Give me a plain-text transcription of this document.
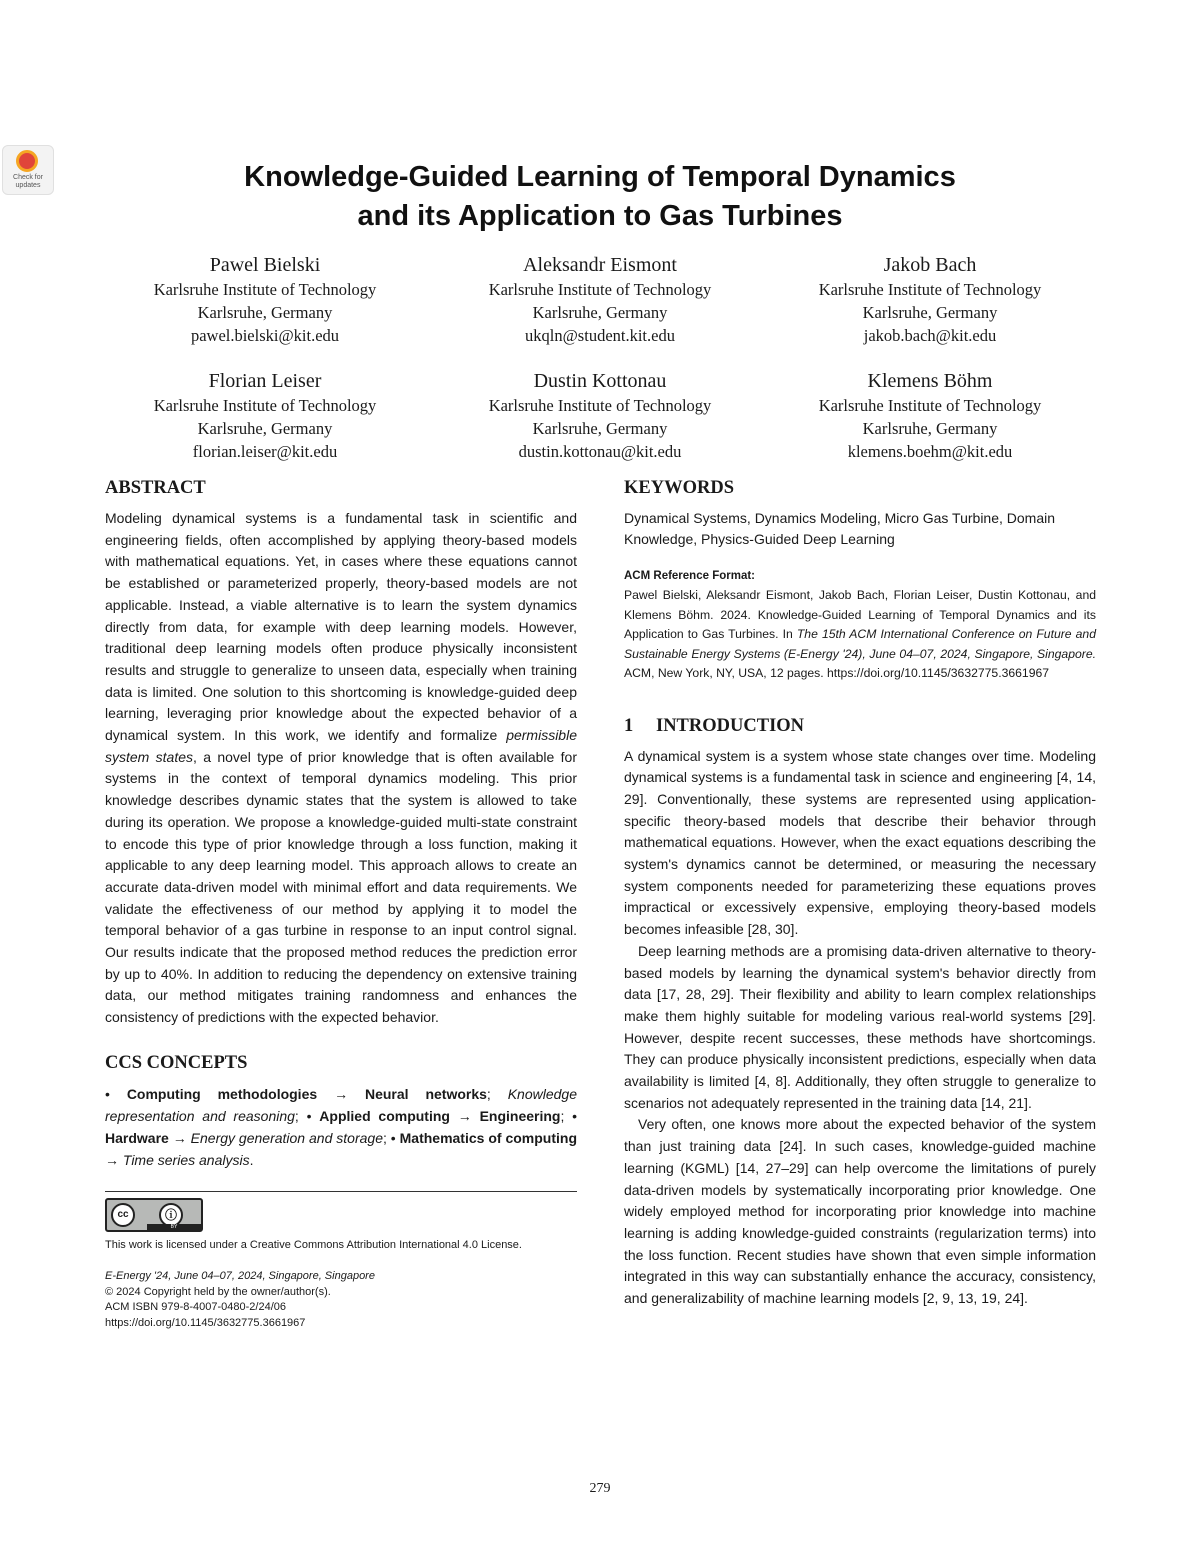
Check for updates	Knowledge-Guided Learning of Temporal Dynamics
and its Application to Gas Turbines
Pawel Bielski
Karlsruhe Institute of Technology
Karlsruhe, Germany
pawel.bielski@kit.edu
Aleksandr Eismont
Karlsruhe Institute of Technology
Karlsruhe, Germany
ukqln@student.kit.edu
Jakob Bach
Karlsruhe Institute of Technology
Karlsruhe, Germany
jakob.bach@kit.edu
Florian Leiser
Karlsruhe Institute of Technology
Karlsruhe, Germany
florian.leiser@kit.edu
Dustin Kottonau
Karlsruhe Institute of Technology
Karlsruhe, Germany
dustin.kottonau@kit.edu
Klemens Böhm
Karlsruhe Institute of Technology
Karlsruhe, Germany
klemens.boehm@kit.edu
ABSTRACT

Modeling dynamical systems is a fundamental task in scientific and engineering fields, often accomplished by applying theory-based models with mathematical equations. Yet, in cases where these equations cannot be established or parameterized properly, theory-based models are not applicable. Instead, a viable alternative is to learn the system dynamics directly from data, for example with deep learning models. However, traditional deep learning models often produce physically inconsistent results and struggle to generalize to unseen data, especially when training data is limited. One solution to this shortcoming is knowledge-guided deep learning, leveraging prior knowledge about the expected behavior of a dynamical system. In this work, we identify and formalize permissible system states, a novel type of prior knowledge that is often available for systems in the context of temporal dynamics modeling. This prior knowledge describes dynamic states that the system is allowed to take during its operation. We propose a knowledge-guided multi-state constraint to encode this type of prior knowledge through a loss function, making it applicable to any deep learning model. This approach allows to create an accurate data-driven model with minimal effort and data requirements. We validate the effectiveness of our method by applying it to model the temporal behavior of a gas turbine in response to an input control signal. Our results indicate that the proposed method reduces the prediction error by up to 40%. In addition to reducing the dependency on extensive training data, our method mitigates training randomness and enhances the consistency of predictions with the expected behavior.

CCS CONCEPTS
• Computing methodologies → Neural networks; Knowledge representation and reasoning; • Applied computing → Engineering; • Hardware → Energy generation and storage; • Mathematics of computing → Time series analysis.
cc	ⓘ
BY
This work is licensed under a Creative Commons Attribution International 4.0 License.
E-Energy '24, June 04–07, 2024, Singapore, Singapore
© 2024 Copyright held by the owner/author(s).
ACM ISBN 979-8-4007-0480-2/24/06
https://doi.org/10.1145/3632775.3661967
KEYWORDS

Dynamical Systems, Dynamics Modeling, Micro Gas Turbine, Domain Knowledge, Physics-Guided Deep Learning

ACM Reference Format:
Pawel Bielski, Aleksandr Eismont, Jakob Bach, Florian Leiser, Dustin Kottonau, and Klemens Böhm. 2024. Knowledge-Guided Learning of Temporal Dynamics and its Application to Gas Turbines. In The 15th ACM International Conference on Future and Sustainable Energy Systems (E-Energy '24), June 04–07, 2024, Singapore, Singapore. ACM, New York, NY, USA, 12 pages. https://doi.org/10.1145/3632775.3661967
1 INTRODUCTION

A dynamical system is a system whose state changes over time. Modeling dynamical systems is a fundamental task in science and engineering [4, 14, 29]. Conventionally, these systems are represented using application-specific theory-based models that describe their behavior through mathematical equations. However, when the exact equations describing the system's dynamics cannot be determined, or measuring the necessary system components needed for parameterizing these equations proves impractical or excessively expensive, employing theory-based models becomes infeasible [28, 30].

Deep learning methods are a promising data-driven alternative to theory-based models by learning the dynamical system's behavior directly from data [17, 28, 29]. Their flexibility and ability to learn complex relationships make them highly suitable for modeling various real-world systems [29]. However, despite recent successes, these methods have shortcomings. They can produce physically inconsistent predictions, especially when data availability is limited [4, 8]. Additionally, they often struggle to generalize to scenarios not adequately represented in the training data [14, 21].

Very often, one knows more about the expected behavior of the system than just training data [24]. In such cases, knowledge-guided machine learning (KGML) [14, 27–29] can help overcome the limitations of purely data-driven models by systematically incorporating prior knowledge. One widely employed method for incorporating prior knowledge into machine learning is adding knowledge-guided constraints (regularization terms) into the loss function. Recent studies have shown that even simple information integrated in this way can substantially enhance the accuracy, consistency, and generalizability of machine learning models [2, 9, 13, 19, 24].

279
